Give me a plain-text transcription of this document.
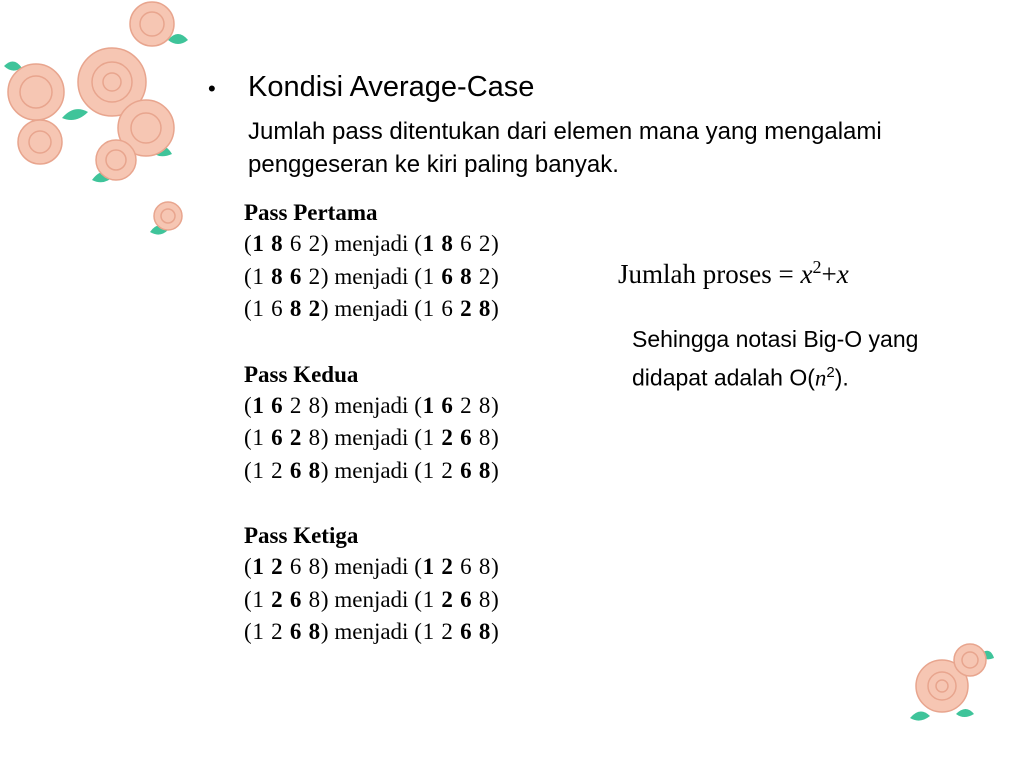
•	Kondisi Average-Case

Jumlah pass ditentukan dari elemen mana yang mengalami penggeseran ke kiri paling banyak.

Pass Pertama
(1 8 6 2) menjadi (1 8 6 2)
(1 8 6 2) menjadi (1 6 8 2)
(1 6 8 2) menjadi (1 6 2 8)
Pass Kedua
(1 6 2 8) menjadi (1 6 2 8)
(1 6 2 8) menjadi (1 2 6 8)
(1 2 6 8) menjadi (1 2 6 8)
Pass Ketiga
(1 2 6 8) menjadi (1 2 6 8)
(1 2 6 8) menjadi (1 2 6 8)
(1 2 6 8) menjadi (1 2 6 8)
Jumlah proses = $x^2+x$
Sehingga notasi Big-O yang didapat adalah $O(n^2)$.
